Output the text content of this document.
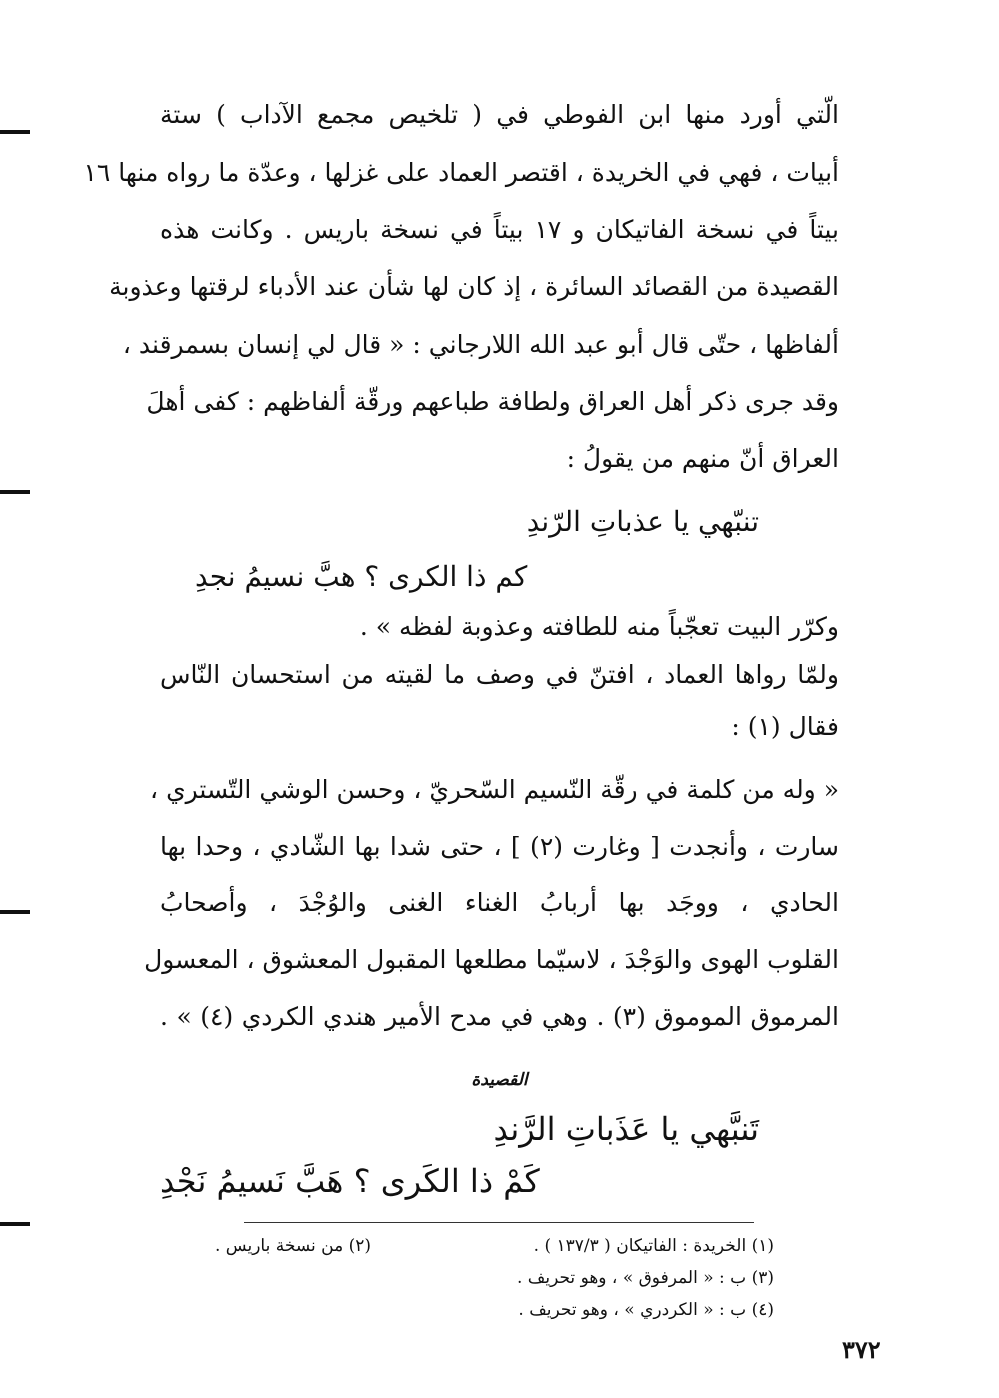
الّتي أورد منها ابن الفوطي في ( تلخيص مجمع الآداب ) ستة
أبيات ، فهي في الخريدة ، اقتصر العماد على غزلها ، وعدّة ما رواه منها ١٦
بيتاً في نسخة الفاتيكان و ١٧ بيتاً في نسخة باريس . وكانت هذه
القصيدة من القصائد السائرة ، إذ كان لها شأن عند الأدباء لرقتها وعذوبة
ألفاظها ، حتّى قال أبو عبد الله اللارجاني : « قال لي إنسان بسمرقند ،
وقد جرى ذكر أهل العراق ولطافة طباعهم ورقّة ألفاظهم : كفى أهلَ
العراق أنّ منهم من يقولُ :
تنبّهي يا عذباتِ الرّندِ
كم ذا الكرى ؟ هبَّ نسيمُ نجدِ
وكرّر البيت تعجّباً منه للطافته وعذوبة لفظه » .
ولمّا رواها العماد ، افتنّ في وصف ما لقيته من استحسان النّاس
فقال (١) :
« وله من كلمة في رقّة النّسيم السّحريّ ، وحسن الوشي التّستري ،
سارت ، وأنجدت [ وغارت (٢) ] ، حتى شدا بها الشّادي ، وحدا بها
الحادي ، ووجَد بها أربابُ الغناء الغنى والوُجْدَ ، وأصحابُ
القلوب الهوى والوَجْدَ ، لاسيّما مطلعها المقبول المعشوق ، المعسول
المرموق الموموق (٣) . وهي في مدح الأمير هندي الكردي (٤) » .
القصيدة
تَنبَّهي يا عَذَباتِ الرَّندِ
كَمْ ذا الكَرى ؟ هَبَّ نَسيمُ نَجْدِ
(١) الخريدة : الفاتيكان ( ١٣٧/٣ ) .
(٢) من نسخة باريس .
(٣) ب : « المرفوق » ، وهو تحريف .
(٤) ب : « الكردري » ، وهو تحريف .
٣٧٢
